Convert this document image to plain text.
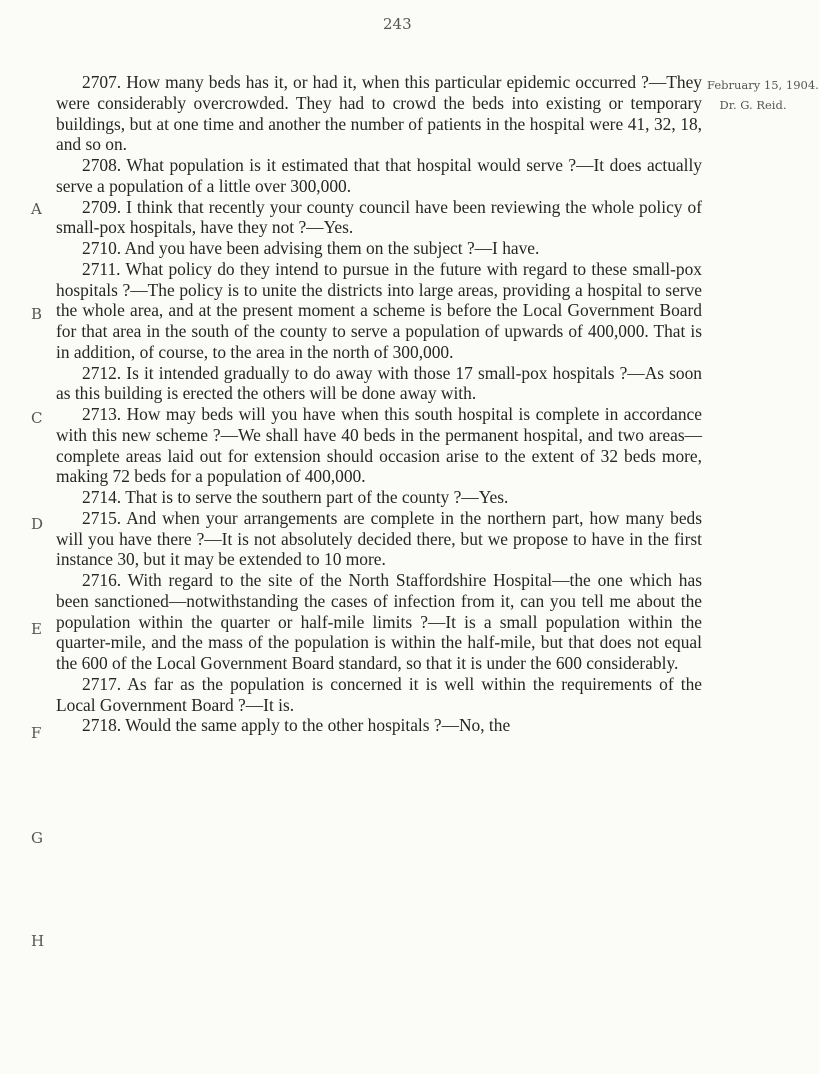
243
February 15, 1904.
Dr. G. Reid.
A
B
C
D
E
F
G
H

2707. How many beds has it, or had it, when this particular epidemic occurred ?—They were considerably overcrowded. They had to crowd the beds into existing or temporary buildings, but at one time and another the number of patients in the hospital were 41, 32, 18, and so on.

2708. What population is it estimated that that hospital would serve ?—It does actually serve a population of a little over 300,000.

2709. I think that recently your county council have been reviewing the whole policy of small-pox hospitals, have they not ?—Yes.

2710. And you have been advising them on the subject ?—I have.

2711. What policy do they intend to pursue in the future with regard to these small-pox hospitals ?—The policy is to unite the districts into large areas, providing a hospital to serve the whole area, and at the present moment a scheme is before the Local Government Board for that area in the south of the county to serve a population of upwards of 400,000. That is in addition, of course, to the area in the north of 300,000.

2712. Is it intended gradually to do away with those 17 small-pox hospitals ?—As soon as this building is erected the others will be done away with.

2713. How may beds will you have when this south hospital is complete in accordance with this new scheme ?—We shall have 40 beds in the permanent hospital, and two areas—complete areas laid out for extension should occasion arise to the extent of 32 beds more, making 72 beds for a population of 400,000.

2714. That is to serve the southern part of the county ?—Yes.

2715. And when your arrangements are complete in the northern part, how many beds will you have there ?—It is not absolutely decided there, but we propose to have in the first instance 30, but it may be extended to 10 more.

2716. With regard to the site of the North Staffordshire Hospital—the one which has been sanctioned—notwithstanding the cases of infection from it, can you tell me about the population within the quarter or half-mile limits ?—It is a small population within the quarter-mile, and the mass of the population is within the half-mile, but that does not equal the 600 of the Local Government Board standard, so that it is under the 600 considerably.

2717. As far as the population is concerned it is well within the requirements of the Local Government Board ?—It is.

2718. Would the same apply to the other hospitals ?—No, the
